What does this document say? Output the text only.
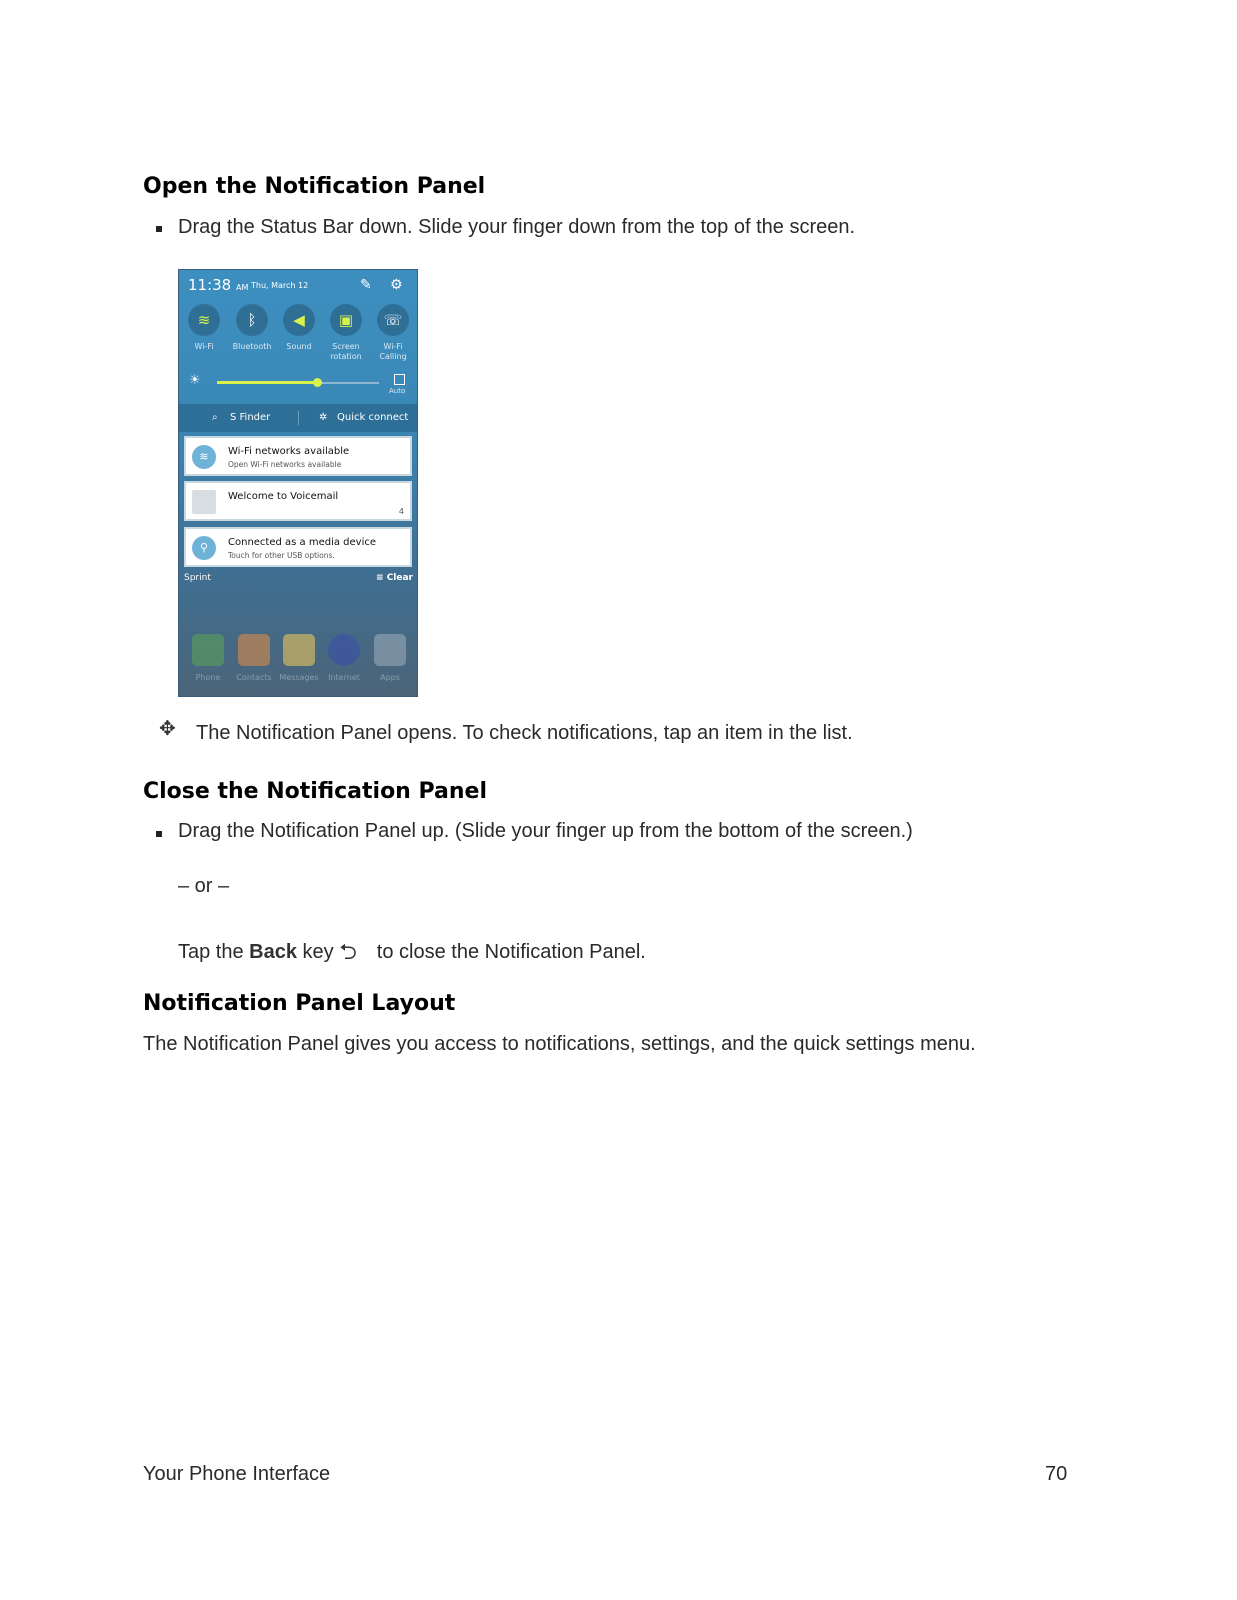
Open the Notification Panel

Drag the Status Bar down. Slide your finger down from the top of the screen.

11:38 AM Thu, March 12	✎ ⚙
≋	ᛒ	◀	▣	☏
Wi-Fi	Bluetooth	Sound	Screen rotation
Wi-Fi Calling
☀
Auto
⌕ S Finder	✲ Quick connect
≋	Wi-Fi networks available
Open Wi-Fi networks available
Welcome to Voicemail
4
⚲	Connected as a media device
Touch for other USB options.
Sprint	≡ Clear
Phone	Contacts Messages	Internet	Apps
✥ The Notification Panel opens. To check notifications, tap an item in the list.

Close the Notification Panel

Drag the Notification Panel up. (Slide your finger up from the bottom of the screen.)

– or –

Tap the Back key ⮌ to close the Notification Panel.

Notification Panel Layout

The Notification Panel gives you access to notifications, settings, and the quick settings menu.

Your Phone Interface	70
